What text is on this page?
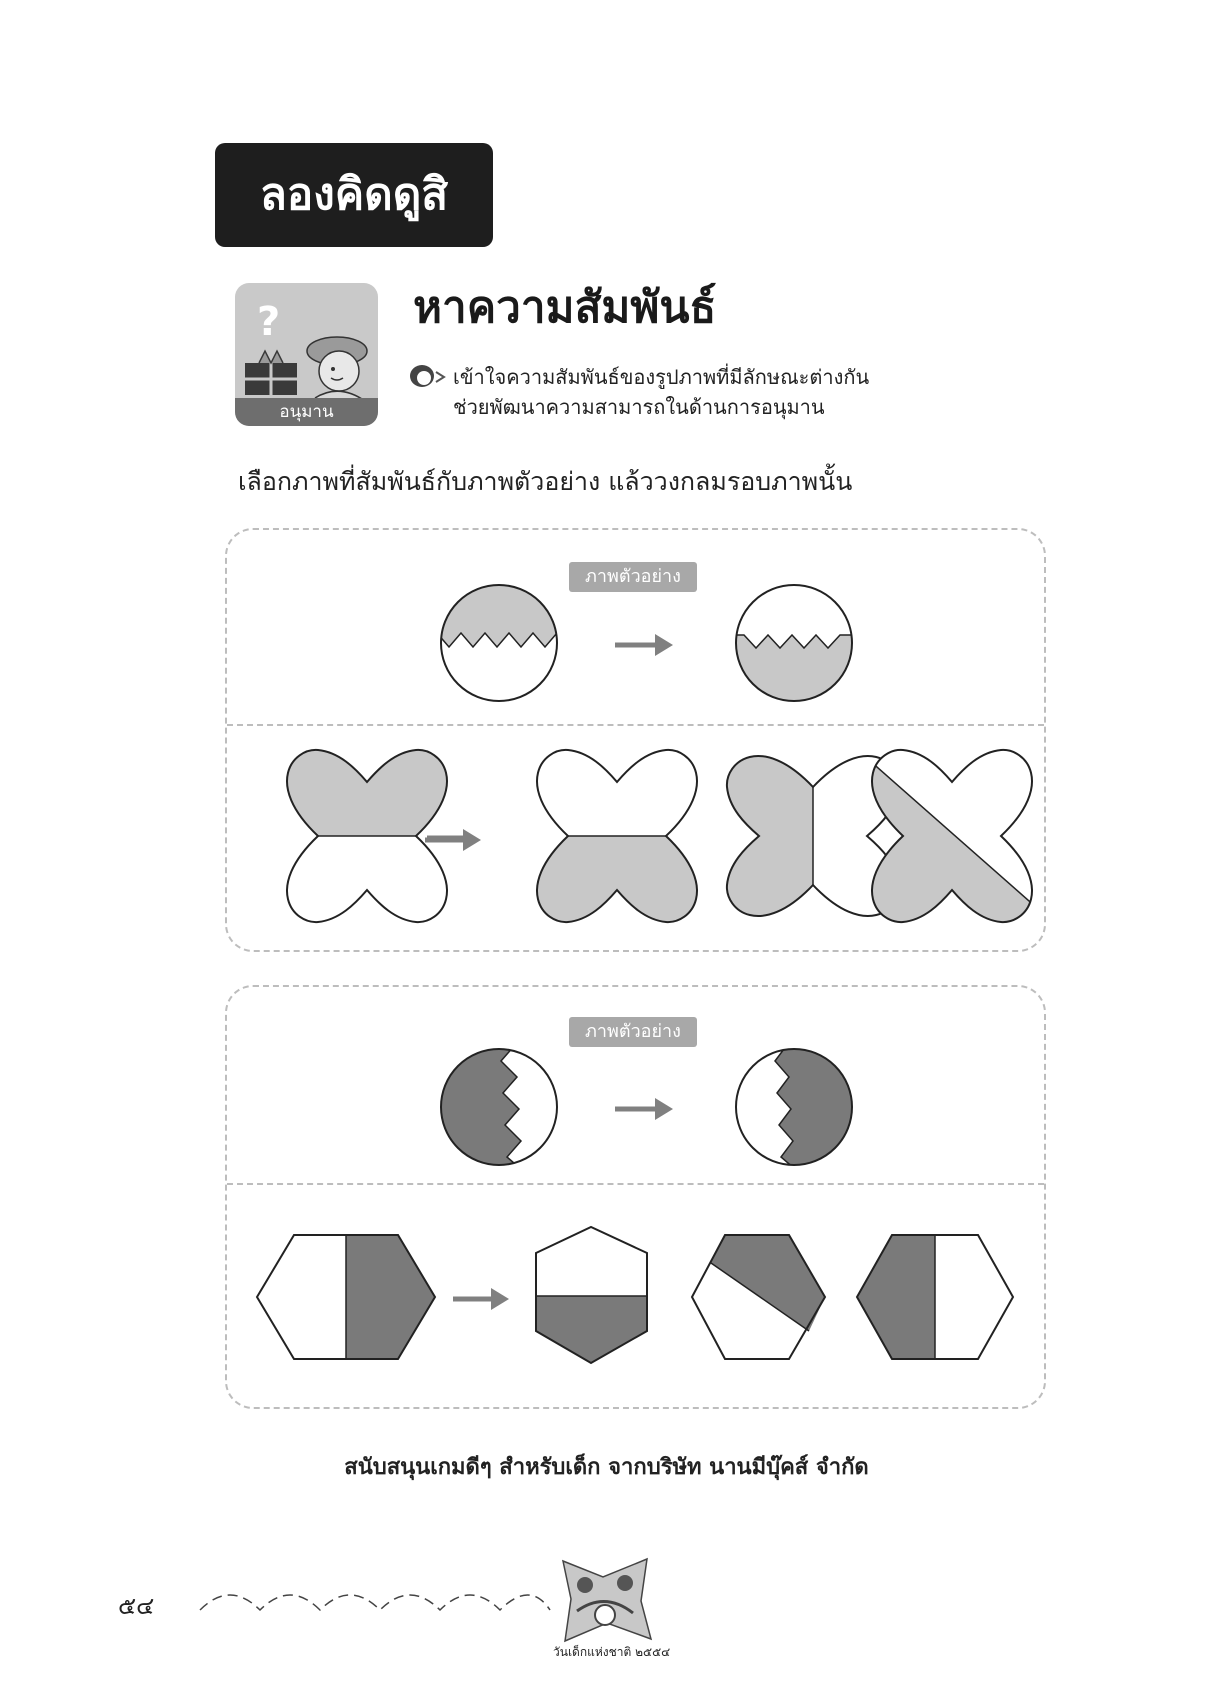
ลองคิดดูสิ
?
อนุมาน
หาความสัมพันธ์
เข้าใจความสัมพันธ์ของรูปภาพที่มีลักษณะต่างกัน
ช่วยพัฒนาความสามารถในด้านการอนุมาน
เลือกภาพที่สัมพันธ์กับภาพตัวอย่าง แล้ววงกลมรอบภาพนั้น
ภาพตัวอย่าง
ภาพตัวอย่าง
สนับสนุนเกมดีๆ สำหรับเด็ก จากบริษัท นานมีบุ๊คส์ จำกัด
๕๔
วันเด็กแห่งชาติ ๒๕๕๔
